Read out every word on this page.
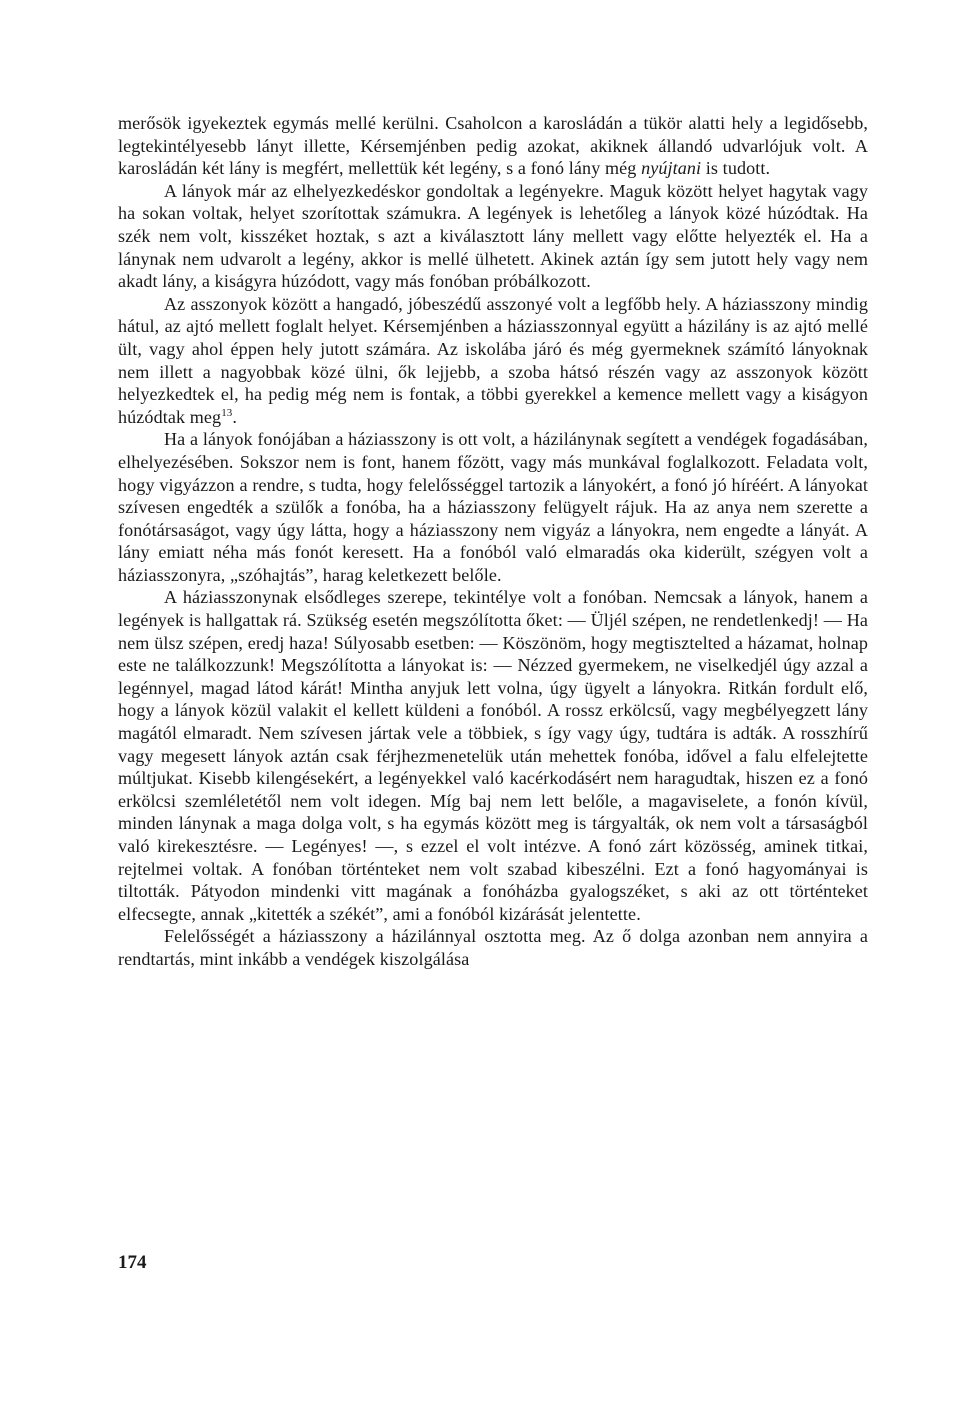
merősök igyekeztek egymás mellé kerülni. Csaholcon a karosládán a tükör alatti hely a legidősebb, legtekintélyesebb lányt illette, Kérsemjénben pedig azokat, akiknek állandó udvarlójuk volt. A karosládán két lány is megfért, mellettük két legény, s a fonó lány még nyújtani is tudott.

A lányok már az elhelyezkedéskor gondoltak a legényekre. Maguk között helyet hagytak vagy ha sokan voltak, helyet szorítottak számukra. A legények is lehetőleg a lányok közé húzódtak. Ha szék nem volt, kisszéket hoztak, s azt a kiválasztott lány mellett vagy előtte helyezték el. Ha a lánynak nem udvarolt a legény, akkor is mellé ülhetett. Akinek aztán így sem jutott hely vagy nem akadt lány, a kiságyra húzódott, vagy más fonóban próbálkozott.

Az asszonyok között a hangadó, jóbeszédű asszonyé volt a legfőbb hely. A háziasszony mindig hátul, az ajtó mellett foglalt helyet. Kérsemjénben a háziasszonnyal együtt a házilány is az ajtó mellé ült, vagy ahol éppen hely jutott számára. Az iskolába járó és még gyermeknek számító lányoknak nem illett a nagyobbak közé ülni, ők lejjebb, a szoba hátsó részén vagy az asszonyok között helyezkedtek el, ha pedig még nem is fontak, a többi gyerekkel a kemence mellett vagy a kiságyon húzódtak meg$^{13}$.

Ha a lányok fonójában a háziasszony is ott volt, a házilánynak segített a vendégek fogadásában, elhelyezésében. Sokszor nem is font, hanem főzött, vagy más munkával foglalkozott. Feladata volt, hogy vigyázzon a rendre, s tudta, hogy felelősséggel tartozik a lányokért, a fonó jó híréért. A lányokat szívesen engedték a szülők a fonóba, ha a háziasszony felügyelt rájuk. Ha az anya nem szerette a fonótársaságot, vagy úgy látta, hogy a háziasszony nem vigyáz a lányokra, nem engedte a lányát. A lány emiatt néha más fonót keresett. Ha a fonóból való elmaradás oka kiderült, szégyen volt a háziasszonyra, „szóhajtás”, harag keletkezett belőle.

A háziasszonynak elsődleges szerepe, tekintélye volt a fonóban. Nemcsak a lányok, hanem a legények is hallgattak rá. Szükség esetén megszólította őket: — Üljél szépen, ne rendetlenkedj! — Ha nem ülsz szépen, eredj haza! Súlyosabb esetben: — Köszönöm, hogy megtisztelted a házamat, holnap este ne találkozzunk! Megszólította a lányokat is: — Nézzed gyermekem, ne viselkedjél úgy azzal a legénnyel, magad látod kárát! Minthа anyjuk lett volna, úgy ügyelt a lányokra. Ritkán fordult elő, hogy a lányok közül valakit el kellett küldeni a fonóból. A rossz erkölcsű, vagy megbélyegzett lány magától elmaradt. Nem szívesen jártak vele a többiek, s így vagy úgy, tudtára is adták. A rosszhírű vagy megesett lányok aztán csak férjhezmenetelük után mehettek fonóba, idővel a falu elfelejtette múltjukat. Kisebb kilengésekért, a legényekkel való kacérkodásért nem haragudtak, hiszen ez a fonó erkölcsi szemléletétől nem volt idegen. Míg baj nem lett belőle, a magaviselete, a fonón kívül, minden lánynak a maga dolga volt, s ha egymás között meg is tárgyalták, ok nem volt a társaságból való kirekesztésre. — Legényes! —, s ezzel el volt intézve. A fonó zárt közösség, aminek titkai, rejtelmei voltak. A fonóban történteket nem volt szabad kibeszélni. Ezt a fonó hagyományai is tiltották. Pátyodon mindenki vitt magának a fonóházba gyalogszéket, s aki az ott történteket elfecsegte, annak „kitették a székét”, ami a fonóból kizárását jelentette.

Felelősségét a háziasszony a házilánnyal osztotta meg. Az ő dolga azonban nem annyira a rendtartás, mint inkább a vendégek kiszolgálása

174
